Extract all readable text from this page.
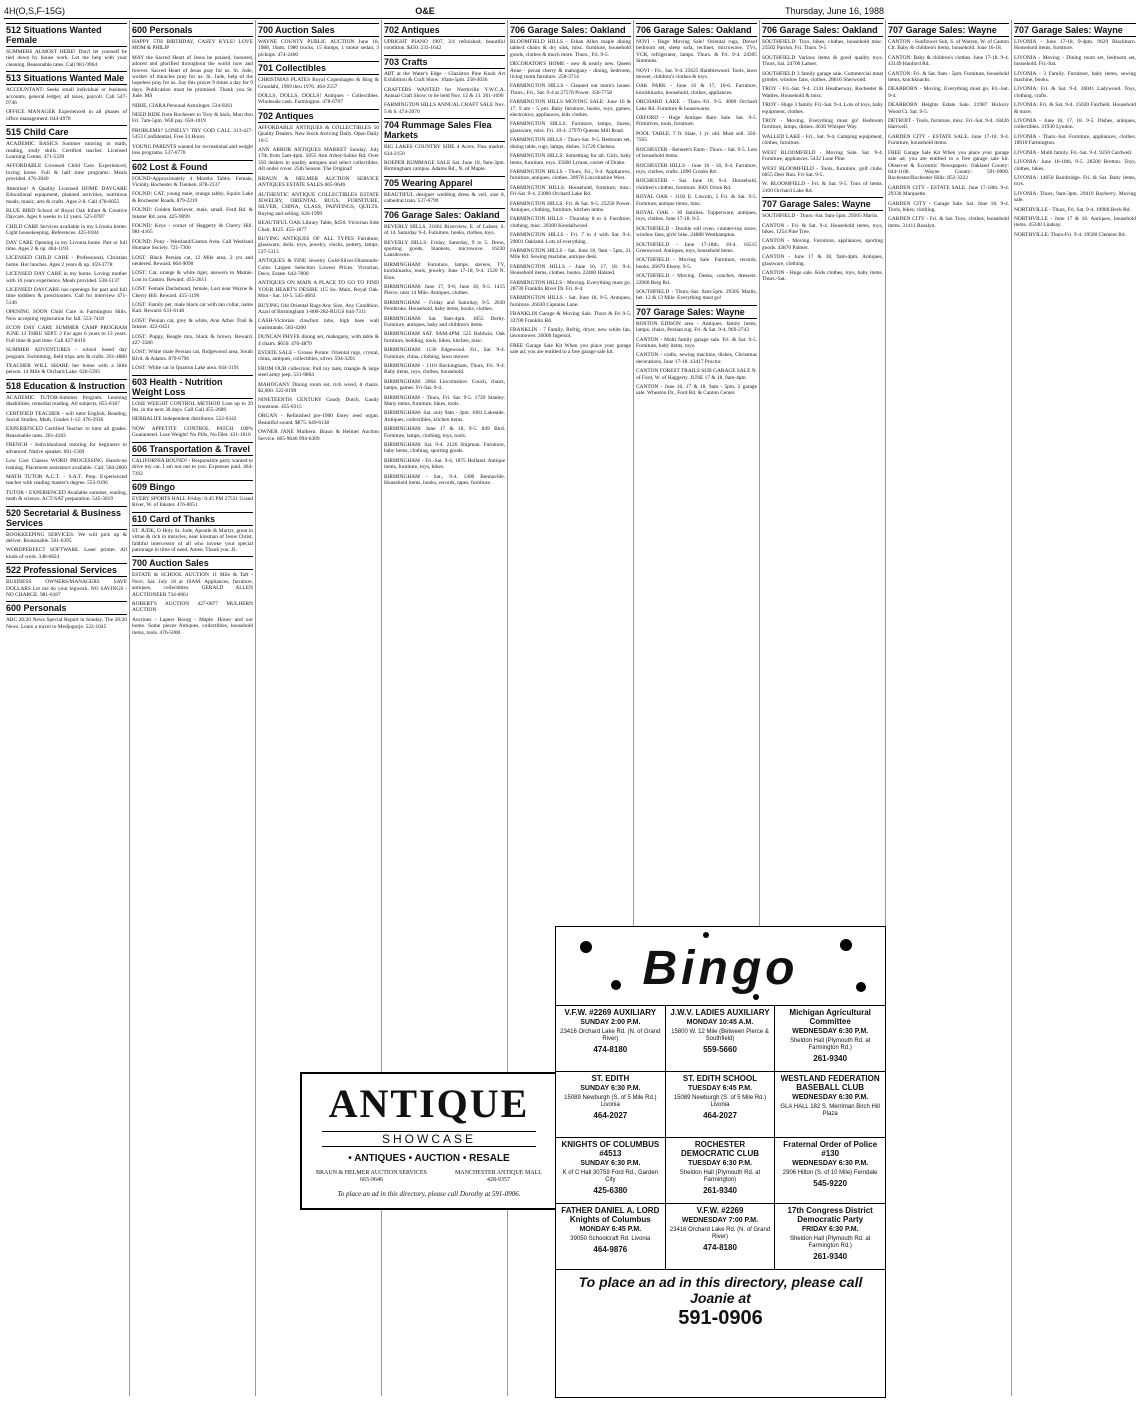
4H(O,S,F-15G)	O&E	Thursday, June 16, 1988
512 Situations Wanted Female
SUMMERS ALMOST HERE! Don't let yourself be tied down by house work. Let me help with your cleaning. Reasonable rates. Call 981-9964
513 Situations Wanted Male
ACCOUNTANT: Seeks small individual or business accounts, general ledger, all taxes, payroll. Call 547-0746
OFFICE MANAGER Experienced in all phases of office management. 644-4978
515 Child Care
ACADEMIC BASICS Summer tutoring in math, reading, study skills. Certified teacher. Licensed Learning Center. 471-5339
AFFORDABLE Licensed Child Care. Experienced, loving home. Full & half time programs. Meals provided. 476-2840
Attention! A Quality Licensed HOME DAYCARE Educational equipment, planned activities, nutritious meals, music, arts & crafts. Ages 2-8. Call 478-6055
BLUE BIRD School of Royal Oak Infant & Creative Daycare. Ages 6 weeks to 12 years. 525-0787
CHILD CARE Services available in my Livonia home. Light housekeeping. References. 425-0184
DAY CARE Opening in my Livonia home. Part or full time. Ages 2 & up. 464-1193
LICENSED CHILD CARE - Professional, Christian home. Hot lunches. Ages 2 years & up. 459-3778
LICENSED DAY CARE in my home. Loving mother with 10 years experience. Meals provided. 538-5137
LICENSED DAYCARE has openings for part and full time toddlers & preschoolers. Call for interview 471-5146
OPENING SOON Child Care in Farmington Hills. Now accepting registration for fall. 553-7418
ECON DAY CARE SUMMER CAMP PROGRAM JUNE 13 THRU SEPT. 2 For ages 6 years to 13 years. Full time & part time. Call 427-8410
SUMMER ADVENTURES - school based day program. Swimming, field trips, arts & crafts. 261-4880
TEACHER WILL SHARE her home with a little person. 14 Mile & Orchard Lake. 626-5395
518 Education & Instruction
ACADEMIC TUTOR-Summer Program. Learning disabilities, remedial reading. All subjects. 855-8187
CERTIFIED TEACHER - will tutor English, Reading, Social Studies, Math. Grades 1-12. 476-2936
EXPERIENCED Certified Teacher to tutor all grades. Reasonable rates. 261-4183
FRENCH - Individualized tutoring for beginners to advanced. Native speaker. 661-1569
Low Cost Classes WORD PROCESSING Hands-on training. Placement assistance available. Call: 584-2800
MATH TUTOR A.C.T. - S.A.T. Prep. Experienced teacher with reading master's degree. 553-9196
TUTOR - EXPERIENCED Available summer, reading, math & science. ACT/SAT preparation. 545-3619
520 Secretarial & Business Services
BOOKKEEPING SERVICES: We will pick up & deliver. Reasonable. 561-6395
WORDPERFECT SOFTWARE. Laser printer. All kinds of work. 348-6824
522 Professional Services
BUSINESS OWNERS/MANAGERS SAVE DOLLARS Let me do your legwork. NO SAVINGS - NO CHARGE. 981-6187
600 Personals
ABC 20/20 News Special Report in Sunday, The 20/20 News. Learn a travel to Medjugorje. 522-1045
600 Personals
HAPPY 5TH BIRTHDAY, CASEY KYLE! LOVE MOM & PHILIP
MAY the Sacred Heart of Jesus be praised, honored, adored and glorified throughout the world now and forever. Sacred Heart of Jesus pray for us. St. Jude, worker of miracles pray for us. St. Jude, help of the hopeless pray for us. Say this prayer 9 times a day for 9 days. Publication must be promised. Thank you St. Jude. MS
NIRIE, CIARA Personal Astrologer. 534-9261
NEED RIDE from Rochester to Troy & back, Mon thru Fri. 7am-5pm. Will pay. 650-1019
PROBLEMS? LONELY? TRY GOD CALL 313-427-5453 Confidential, Free 24 Hours
YOUNG PARENTS wanted for recreational and weight loss programs. 537-6770
602 Lost & Found
FOUND-Approximately 4 Months Tabby. Female, Vicinity Rochester & Tienken. 878-2337
FOUND: CAT, young male, orange tabby, Squire Lake & Rochester Roads. 879-2219
FOUND: Golden Retriever, male, small. Ford Rd. & Inkster Rd. area. 425-9099
FOUND: Keys - corner of Haggerty & Cherry Hill. 981-4165
FOUND: Pony - Westland/Canton Area. Call Westland Humane Society. 721-7300
LOST: Black Persian cat, 12 Mile area, 2 yrs and neutered. Reward. 664-9090
LOST: Cat, orange & white tiger, answers to Mamie. Lost in Canton. Reward. 455-2611
LOST: Female Dachshund, female, Lost near Wayne & Cherry Hill. Reward. 455-1190
LOST: Family pet, male black cat with tan collar, name Kali. Reward. 631-6148
LOST: Persian cat, grey & white, Ann Arbor Trail & Inkster. 422-0451
LOST: Puppy, Beagle mix, black & brown. Reward. 427-3586
LOST: White male Persian cat, Ridgewood area, South Blvd. & Adams. 879-6796
LOST: White cat in Quarton Lake area. 644-3191
603 Health - Nutrition Weight Loss
LOSE WEIGHT CONTROL METHOD Lose up to 29 lbs. in the next 30 days. Call Gail 455-2606
HERBALIFE Independent distributor. 522-6342
NOW APPETITE CONTROL PATCH 100% Guaranteed. Lose Weight! No Pills, No Diet. 431-1816
606 Transportation & Travel
CALIFORNIA BOUND? - Responsible party wanted to drive my car. I am not out to you. Expenses paid. 464-7392
609 Bingo
EVERY SPORTS HALL Friday: 6:45 PM 27531 Grand River, W. of Inkster. 476-8051
610 Card of Thanks
ST. JUDE, O Holy St. Jude, Apostle & Martyr, great in virtue & rich in miracles, near kinsman of Jesus Christ, faithful intercessor of all who invoke your special patronage in time of need. Amen. Thank you. JL
700 Auction Sales
ESTATE & SCHOOL AUCTION 11 Mile & Taft - Novi. Sat. July 18 at 10AM. Appliances, furniture, antiques, collectibles. GERALD ALLEN AUCTIONEER 734-0061
ROBERT'S AUCTION 427-0877 MULHERN AUCTION
Auctions - Lapeer Bourg - Maple. Honey and our home. Some pieces Antiques, collectibles, household items, tools. 476-5000
700 Auction Sales
WAYNE COUNTY PUBLIC AUCTION June 18, 1988, 10am. 1980 trucks, 15 dumps, 1 motor sedan, 3 pickups. 474-2400
701 Collectibles
CHRISTMAS PLATES Royal Copenhagen & Bing & Grondahl, 1969 thru 1976. 464-2557
DOLLS, DOLLS, DOLLS! Antiques - Collectibles. Wholesale cash. Farmington. 478-6797
702 Antiques
AFFORDABLE ANTIQUES & COLLECTIBLES 50 Quality Dealers. New Stock Arriving Daily. Open Daily 10-5
ANN ARBOR ANTIQUES MARKET Sunday, July 17th from 5am-4pm. 5055 Ann Arbor-Saline Rd. Over 350 dealers in quality antiques and select collectibles. All under cover. 25th Season. The Original!
BRAUN & HELMER AUCTION SERVICE ANTIQUES ESTATE SALES 665-9646
AUTHENTIC ANTIQUE COLLECTIBLES ESTATE JEWELRY, ORIENTAL RUGS, FURNITURE, SILVER, CHINA, GLASS, PAINTINGS, QUILTS. Buying and selling. 626-1999
BEAUTIFUL OAK Library Table, $450. Victorian Side Chair, $125. 455-1877
BUYING ANTIQUES OF ALL TYPES Furniture, glassware, dolls, toys, jewelry, clocks, pottery, lamps. 537-5313
ANTIQUES & FINE Jewelry Gold-Silver-Diamonds-Coins Largest Selection Lowest Prices. Victorian, Deco, Estate. 642-7800
ANTIQUES ON MAIN A PLACE TO GO TO FIND YOUR HEART'S DESIRE 115 So. Main, Royal Oak. Mon - Sat. 10-5. 545-4663
BUYING Old Oriental Rugs Any Size, Any Condition. Azari of Birmingham 1-800-282-RUGS 644-7311
CASH-Victorian clawfoot tubs, high base wall washstands. 583-4200
DUNCAN PHYFE dining set, mahogany, with table & 4 chairs. $650. 476-4879
ESTATE SALE - Grosse Pointe: Oriental rugs, crystal, china, antiques, collectibles, silver. 594-3201
FROM OUR collection: Pull toy tank, triangle & large steel army jeep. 531-9804
MAHOGANY Dining room set, rich wood, 6 chairs. $2,000. 522-8198
NINETEENTH CENTURY Gaudy Dutch, Gaudy Ironstone. 455-0315
ORGAN - Refinished pre-1900 Estey reed organ. Beautiful sound. $875. 649-6138
OWNER JANE Mulhern. Braun & Helmer Auction Service. 665-9646 994-6309
702 Antiques
UPRIGHT PIANO 1907, 3/4 refinished, beautiful condition. $450. 233-1642
703 Crafts
ART at the Water's Edge - Glaziston Pine Knob Art Exhibition & Craft Show. 10am-5pm. 258-4036
CRAFTERS WANTED for Northville Y.W.C.A. Annual Craft Show, to be held Nov. 12 & 13. 261-1690
FARMINGTON HILLS ANNUAL CRAFT SALE Nov. 5 & 6. 474-2070
704 Rummage Sales Flea Markets
BIG LAKES COUNTRY SIDE 4 Acres. Flea market. 634-2150
ROEPER RUMMAGE SALE Sat. June 18, 9am-3pm. Birmingham campus. Adams Rd., N. of Maple.
705 Wearing Apparel
BEAUTIFUL designer wedding dress & veil, size 8, cathedral train. 537-6799
706 Garage Sales: Oakland
BEVERLY HILLS, 31661 Riverview, E. of Lahser, S. of 14. Saturday 9-4. Furniture, books, clothes, toys.
BEVERLY HILLS: Friday, Saturday, 9 to 5. Dress, sporting goods, blankets, microwave. 16230 Lansdowne.
BIRMINGHAM: Furniture, lamps, stereos, TV, knickknacks, tools, jewelry. June 17-18, 9-4. 1520 N. Eton.
BIRMINGHAM: June 17, 9-6; June 18, 9-5. 1415 Pierce, near 14 Mile. Antiques, clothes.
BIRMINGHAM - Friday and Saturday, 9-5. 2030 Pembroke. Household, baby items, books, clothes.
BIRMINGHAM: Sat. 9am-4pm. 1855 Derby. Furniture, antiques, baby and children's items.
BIRMINGHAM SAT. 9AM-4PM. 525 Baldwin. Oak furniture, bedding, tools, bikes, kitchen, misc.
BIRMINGHAM: 1136 Edgewood. Fri., Sat. 9-4. Furniture, china, clothing, lawn mower.
BIRMINGHAM - 1110 Buckingham, Thurs, Fri. 9-4. Baby items, toys, clothes, household.
BIRMINGHAM: 2064 Lincolnshire. Couch, chairs, lamps, games. Fri-Sat. 9-4.
BIRMINGHAM - Thurs, Fri. Sat. 9-5. 1720 Stanley. Many items, furniture, bikes, tools.
BIRMINGHAM- Sat. only 9am - 3pm. 1081 Lakeside. Antiques, collectibles, kitchen items.
BIRMINGHAM: June 17 & 18, 9-5. 849 Bird. Furniture, lamps, clothing, toys, tools.
BIRMINGHAM: Sat. 9-4. 2126 Shipman. Furniture, baby items, clothing, sporting goods.
BIRMINGHAM - Fri.-Sat. 9-4, 1875 Holland. Antique items, furniture, toys, bikes.
BIRMINGHAM - Sat., 9-4. 1300 Bennaville. Household items, books, records, tapes, furniture.
706 Garage Sales: Oakland
BLOOMFIELD HILLS - Ethan Allen maple dining table/4 chairs & dry sink, misc. furniture, household goods, clothes & much more. Thurs., Fri. 9-5.
DECORATOR'S HOME - new & nearly new. Queen Anne - pecan cherry & mahogany - dining, bedroom, living room furniture. 258-3714
FARMINGTON HILLS - Cleaned out mom's house. Thurs., Fri., Sat. 9-4 at 27578 Power. 356-7758
FARMINGTON HILLS MOVING SALE: June 16 & 17. 9 am - 5 pm. Baby furniture, books, toys, games, electronics, appliances, kids clothes.
FARMINGTON HILLS: Furniture, lamps, linens, glassware, misc. Fri. 10-4. 27970 Queens Mill Road.
FARMINGTON HILLS - Thurs-Sat. 9-5. Bedroom set, dining table, rugs, lamps, dishes. 31720 Chelsea.
FARMINGTON HILLS: Something for all. Girls, baby items, furniture, toys. 35600 Lyman, corner of Drake.
FARMINGTON HILLS - Thurs, Fri., 9-4. Appliances, furniture, antiques, clothes. 30978 Lincolnshire West.
FARMINGTON HILLS: Household, furniture, misc. Fri-Sat. 9-4. 23000 Orchard Lake Rd.
FARMINGTON HILLS: Fri. & Sat. 9-5. 25256 Power. Antiques, clothing, furniture, kitchen items.
FARMINGTON HILLS - Thursday 8 to 4. Furniture, clothing, misc. 29300 Kendallwood.
FARMINGTON HILLS - Fri. 7 to 4 with Sat. 9-4. 29001 Oakland. Lots of everything.
FARMINGTON HILLS - Sat. June 18, 9am - 5pm, 21 Mile Rd. Sewing machine, antique desk.
FARMINGTON HILLS - June 16, 17, 18. 9-4. Household items, clothes, books. 22460 Halsted.
FARMINGTON HILLS - Moving. Everything must go. 28730 Franklin River Dr. Fri. 8-4.
FARMINGTON HILLS - Sat. June 18, 9-5. Antiques, furniture. 26630 Captains Lane.
FRANKLIN Garage & Moving Sale. Thurs & Fri 9-5. 32700 Franklin Rd.
FRANKLIN - 7 Family, Refrig, dryer, new white fan, lawnmower. 26000 Ingersol.
FREE Garage Sale Kit When you place your garage sale ad, you are entitled to a free garage sale kit.
706 Garage Sales: Oakland
NOVI - Huge Moving Sale! Oriental rugs, Drexel bedroom set, sleep sofa, recliner, microwave, TVs, VCR, refrigerator, lamps. Thurs. & Fri. 9-4. 24305 Simmons.
NOVI - Fri., Sat. 9-4. 25625 Ramblewood. Tools, lawn mower, children's clothes & toys.
OAK PARK - June 16 & 17, 10-6. Furniture, knickknacks, household, clothes, appliances.
ORCHARD LAKE - Thurs.-Fri. 9-5. 4000 Orchard Lake Rd. Furniture & housewares.
OXFORD - Huge Antique Barn Sale. Sat. 9-5. Primitives, tools, furniture.
POOL TABLE: 7 ft. Slate, 1 yr. old. Must sell. 356-7565
ROCHESTER - Bennett's Farm - Thurs. - Sat. 9-5. Lots of household items.
ROCHESTER HILLS - June 16 - 18, 9-4. Furniture, toys, clothes, crafts. 1890 Crooks Rd.
ROCHESTER - Sat. June 18, 9-4. Household, children's clothes, furniture. 3001 Orion Rd.
ROYAL OAK - 1102 E. Lincoln, 5 Fri. & Sat. 9-5. Furniture, antique items, misc.
ROYAL OAK - 30 families. Tupperware, antiques, toys, clothes. June 17-18. 9-5.
SOUTHFIELD - Double roll oven, counter-top stove, window fans, girls' bike. 24880 Westhampton.
SOUTHFIELD - June 17-18th, 10-4. 16515 Greenwood. Antiques, toys, household items.
SOUTHFIELD - Moving Sale. Furniture, records, books. 26670 Ebony. 9-5.
SOUTHFIELD - Moving. Desks, couches, dressers. 22960 Berg Rd.
SOUTHFIELD - Thurs.-Sat. 9am-5pm. 29305 Marlis, bet. 12 & 13 Mile. Everything must go!
707 Garage Sales: Wayne
BOSTON EDISON area - Antiques, family items, lamps, chairs, Persian rug. Fri. & Sat. 9-4. 969-2743
CANTON - Multi family garage sale. Fri. & Sat. 9-5. Furniture, baby items, toys.
CANTON - crafts, sewing machine, dishes, Christmas decorations, June 17-18. 43417 Proctor.
CANTON FOREST TRAILS SUB GARAGE SALE N. of Ford, W. of Haggerty. JUNE 17 & 18, 9am-4pm
CANTON - June 16, 17 & 18, 9am - 5pm, 2 garage sale. Wheaton Dr., Ford Rd. & Canton Center.
706 Garage Sales: Oakland
SOUTHFIELD: Toys, bikes, clothes, household misc. 25502 Parrish. Fri. Thurs. 9-5
SOUTHFIELD Various items & good quality toys. Thurs, Sat. 24700 Lahser.
SOUTHFIELD 3 family garage sale. Commercial meat grinder, window fans, clothes. 28616 Sherwood.
TROY - Fri.-Sat. 9-4. 2141 Heatherway, Rochester & Wattles. Household & misc.
TROY - Huge 3 family. Fri.-Sat. 9-4. Lots of toys, baby equipment, clothes.
TROY - Moving. Everything must go! Bedroom furniture, lamps, dishes. 4630 Whisper Way.
WALLED LAKE - Fri., Sat. 9-4. Camping equipment, clothes, furniture.
WEST BLOOMFIELD - Moving Sale. Sat. 9-4. Furniture, appliances. 5432 Lone Pine.
WEST BLOOMFIELD - Tools, furniture, golf clubs. 6855 Deer Run. Fri-Sat. 9-5.
W. BLOOMFIELD - Fri. & Sat. 9-5. Tons of items. 3100 Orchard Lake Rd.
707 Garage Sales: Wayne
SOUTHFIELD - Thurs.-Sat. 9am-5pm. 29305 Marlis.
CANTON - Fri. & Sat. 9-4. Household items, toys, bikes. 1254 Pine Tree.
CANTON - Moving. Furniture, appliances, sporting goods. 43870 Palmer.
CANTON - June 17 & 18, 9am-4pm. Antiques, glassware, clothing.
CANTON - Huge sale. Kids clothes, toys, baby items. Thurs.-Sat.
707 Garage Sales: Wayne
CANTON - Sunflower Sub, S. of Warren, W. of Canton Ctr. Baby & children's items, household. June 16-18.
CANTON: Baby & children's clothes. June 17-18. 9-4. 43149 Hanford Rd.
CANTON: Fri. & Sat. 9am - 5pm. Furniture, household items, knickknacks.
DEARBORN - Moving. Everything must go. Fri.-Sat. 9-4.
DEARBORN Heights Estate Sale. 21987 Hickory Wood Ct. Sat. 9-5.
DETROIT - Tools, furniture, misc. Fri.-Sat. 9-4. 18426 Hartwell.
GARDEN CITY - ESTATE SALE. June 17-18. 9-4. Furniture, household items.
FREE Garage Sale Kit When you place your garage sale ad, you are entitled to a free garage sale kit. Observer & Eccentric Newspapers. Oakland County: 644-1100. Wayne County: 591-0900. Rochester/Rochester Hills: 852-3222
GARDEN CITY - ESTATE SALE. June 17-18th. 9-4. 29330 Marquette.
GARDEN CITY - Garage Sale. Sat. June 18. 9-4. Tools, bikes, clothing.
GARDEN CITY - Fri. & Sat. Toys, clothes, household items. 31411 Rosslyn.
707 Garage Sales: Wayne
LIVONIA - June 17-18, 9-4pm. 9629 Blackburn. Household items, furniture.
LIVONIA - Moving - Dining room set, bedroom set, household. Fri.-Sat.
LIVONIA - 3 Family. Furniture, baby items, sewing machine, books.
LIVONIA: Fri. & Sat. 9-4. 36041 Ladywood. Toys, clothing, crafts.
LIVONIA: Fri. & Sat. 9-4. 15020 Fairfield. Household & more.
LIVONIA - June 16, 17, 18. 9-5. Dishes, antiques, collectibles. 31930 Lyndon.
LIVONIA - Thurs.-Sat. Furniture, appliances, clothes. 18910 Farmington.
LIVONIA - Multi family. Fri.-Sat. 9-4. 9250 Cardwell.
LIVONIA: June 16-18th, 9-5. 28500 Bretton. Toys, clothes, bikes.
LIVONIA: 14650 Bainbridge. Fri. & Sat. Baby items, toys.
LIVONIA: Thurs, 9am-3pm. 29410 Bayberry. Moving sale.
NORTHVILLE - Thurs, Fri, Sat. 9-4. 19980 Beck Rd.
NORTHVILLE - June 17 & 18. Antiques, household items. 45340 Lindsay.
NORTHVILLE: Thurs-Fri. 9-4. 19500 Clement Rd.
ANTIQUE
SHOWCASE
• ANTIQUES • AUCTION • RESALE
BRAUN & HELMER AUCTION SERVICES
665-9646
MANCHESTER ANTIQUE MALL
428-9357
To place an ad in this directory, please call Dorothy at 591-0906.
Bingo
V.F.W. #2269 AUXILIARY
SUNDAY 2:00 P.M.
23416 Orchard Lake Rd. (N. of Grand River)
474-8180
J.W.V. LADIES AUXILIARY
MONDAY 10:45 A.M.
15800 W. 12 Mile (Between Pierce & Southfield)
559-5660
Michigan Agricultural Committee
WEDNESDAY 6:30 P.M.
Sheldon Hall (Plymouth Rd. at Farmington Rd.)
261-9340
ST. EDITH
SUNDAY 6:30 P.M.
15089 Newburgh (S. of 5 Mile Rd.) Livonia
464-2027
ST. EDITH SCHOOL
TUESDAY 6:45 P.M.
15089 Newburgh (S. of 5 Mile Rd.) Livonia
464-2027
WESTLAND FEDERATION BASEBALL CLUB
WEDNESDAY 6:30 P.M.
GLA HALL 182 S. Merriman Birch Hill Plaza
KNIGHTS OF COLUMBUS #4513
SUNDAY 6:30 P.M.
K of C Hall 30759 Ford Rd., Garden City
425-6380
ROCHESTER DEMOCRATIC CLUB
TUESDAY 6:30 P.M.
Sheldon Hall (Plymouth Rd. at Farmington)
261-9340
Fraternal Order of Police #130
WEDNESDAY 6:30 P.M.
2906 Hilton (S. of 10 Mile) Ferndale
545-9220
FATHER DANIEL A. LORD Knights of Columbus
MONDAY 6:45 P.M.
39050 Schoolcraft Rd. Livonia
464-9876
V.F.W. #2269
WEDNESDAY 7:00 P.M.
23416 Orchard Lake Rd. (N. of Grand River)
474-8180
17th Congress District Democratic Party
FRIDAY 6:30 P.M.
Sheldon Hall (Plymouth Rd. at Farmington Rd.)
261-9340
To place an ad in this directory, please call Joanie at
591-0906
